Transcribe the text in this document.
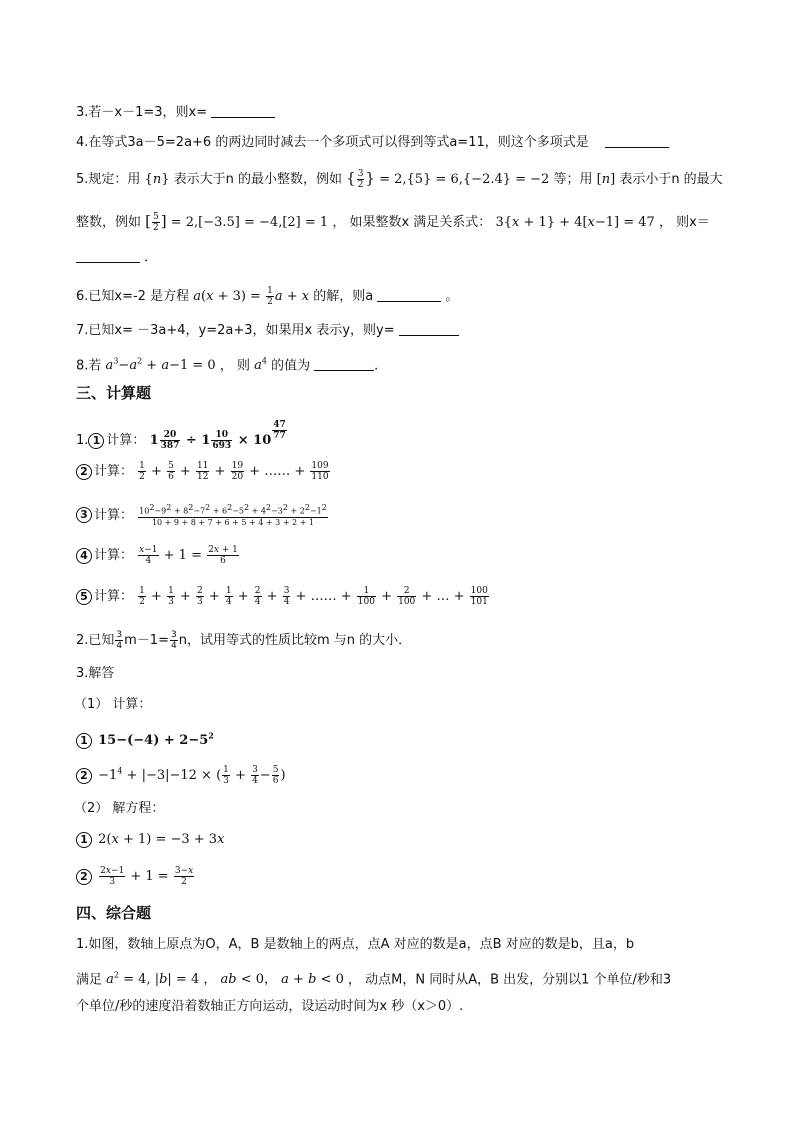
3.若－x－1=3，则x=
4.在等式3a－5=2a+6 的两边同时减去一个多项式可以得到等式a=11，则这个多项式是
5.规定：用 {n} 表示大于n 的最小整数，例如 { $\frac{3}{2}$ } = 2,{5} = 6,{−2.4} = −2 等；用 [n] 表示小于n 的最大
整数，例如 [ $\frac{5}{2}$ ] = 2,[−3.5] = −4,[2] = 1 ， 如果整数x 满足关系式： 3{x + 1} + 4[x−1] = 47 ， 则x＝
．
6.已知x=-2 是方程 $a(x + 3) = \frac{1}{2}$ a + x 的解，则a	。
7.已知x= －3a+4，y=2a+3，如果用x 表示y，则y=
8.若 $a^3-a^2 + a-1 = 0$ ， 则 $a^4$ 的值为	.
三、计算题
1. 1 计算： $1 \frac{20}{387} \div 1 \frac{10}{693} \times 10 \frac{47}{77}$
2 计算： $\frac{1}{2} + \frac{5}{6} + \frac{11}{12} + \frac{19}{20}$ + …… + $\frac{109}{110}$
3 计算： $\frac{10^2-9^2 + 8^2-7^2 + 6^2-5^2 + 4^2-3^2 + 2^2-1^2}{10 + 9 + 8 + 7 + 6 + 5 + 4 + 3 + 2 + 1}$
4 计算： $\frac{x-1}{4} + 1 = \frac{2x + 1}{6}$
5 计算： $\frac{1}{2} + \frac{1}{3} + \frac{2}{3} + \frac{1}{4} + \frac{2}{4} + \frac{3}{4}$ + …… + $\frac{1}{100} + \frac{2}{100}$ + … + $\frac{100}{101}$
2.已知 $\frac{3}{4} m-1= \frac{3}{4}$ n，试用等式的性质比较m 与n 的大小．
3.解答
（1） 计算：
1 $15-(-4) + 2-5^2$
$2 -1^4 + |-3|-12$ × ( $\frac{1}{3} + \frac{3}{4} - \frac{5}{6}$ )
（2） 解方程：
1 2(x + 1) = −3 + 3x
$2 \frac{2x-1}{3} + 1 = \frac{3-x}{2}$
四、综合题
1.如图，数轴上原点为O，A，B 是数轴上的两点，点A 对应的数是a，点B 对应的数是b，且a，b
满足 $a^2 = 4$, |b| = 4 ， ab < 0， a + b < 0 ， 动点M，N 同时从A，B 出发，分别以1 个单位/秒和3
个单位/秒的速度沿着数轴正方向运动，设运动时间为x 秒（x＞0）.
